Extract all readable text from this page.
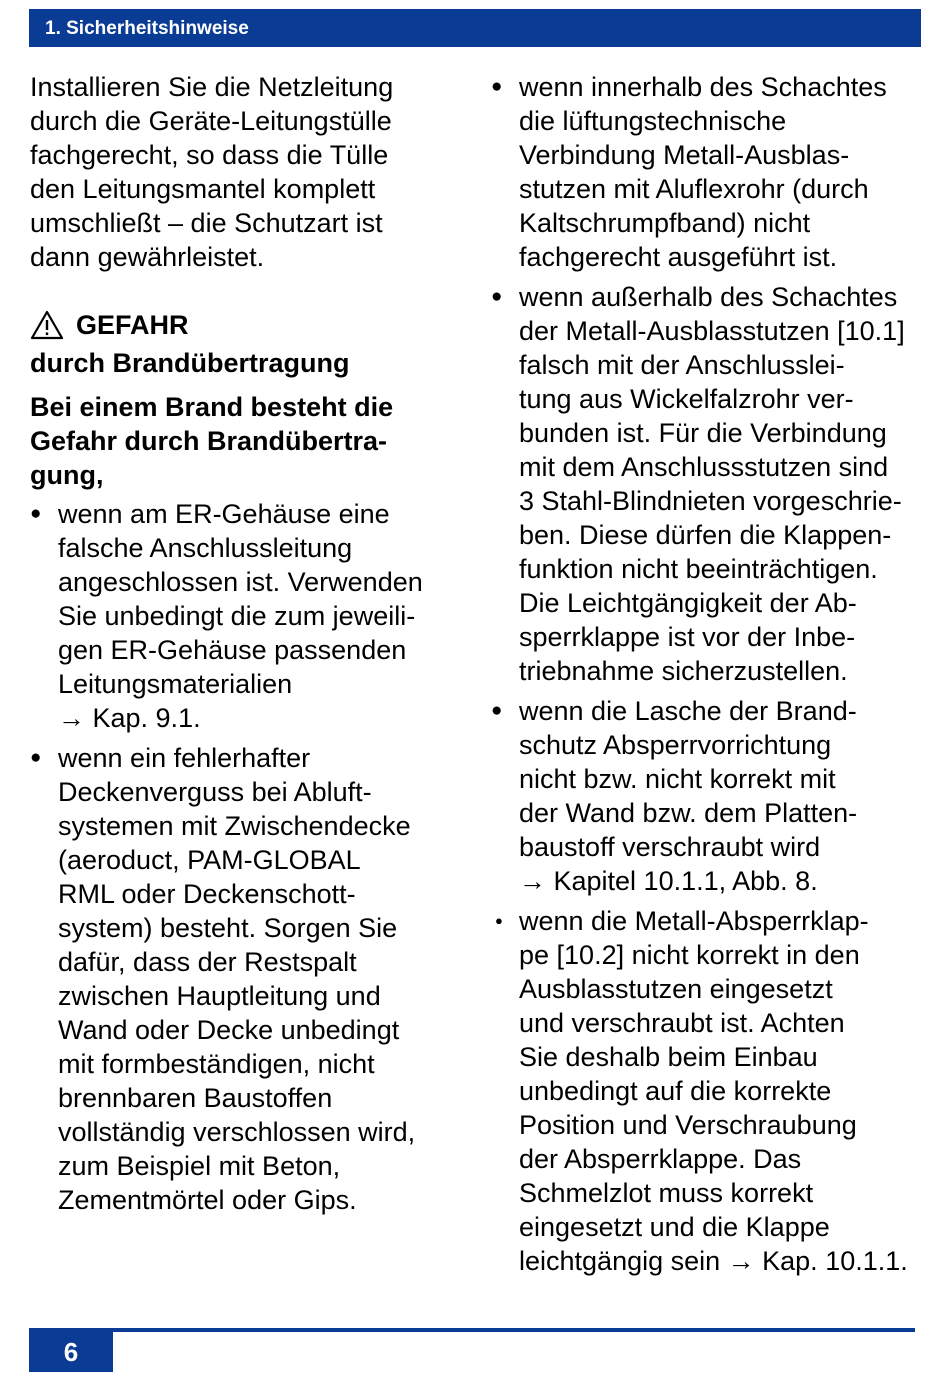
1. Sicherheitshinweise

Installieren Sie die Netzleitung
durch die Geräte-Leitungstülle
fachgerecht, so dass die Tülle
den Leitungsmantel komplett
umschließt – die Schutzart ist
dann gewährleistet.

GEFAHR
durch Brandübertragung
Bei einem Brand besteht die
Gefahr durch Brandübertra-
gung,
● wenn am ER-Gehäuse eine
falsche Anschlussleitung
angeschlossen ist. Verwenden
Sie unbedingt die zum jeweili-
gen ER-Gehäuse passenden
Leitungsmaterialien
→ Kap. 9.1.
● wenn ein fehlerhafter
Deckenverguss bei Abluft-
systemen mit Zwischendecke
(aeroduct, PAM-GLOBAL
RML oder Deckenschott-
system) besteht. Sorgen Sie
dafür, dass der Restspalt
zwischen Hauptleitung und
Wand oder Decke unbedingt
mit formbeständigen, nicht
brennbaren Baustoffen
vollständig verschlossen wird,
zum Beispiel mit Beton,
Zementmörtel oder Gips.
● wenn innerhalb des Schachtes
die lüftungstechnische
Verbindung Metall-Ausblas-
stutzen mit Aluflexrohr (durch
Kaltschrumpfband) nicht
fachgerecht ausgeführt ist.
● wenn außerhalb des Schachtes
der Metall-Ausblasstutzen [10.1]
falsch mit der Anschlusslei-
tung aus Wickelfalzrohr ver-
bunden ist. Für die Verbindung
mit dem Anschlussstutzen sind
3 Stahl-Blindnieten vorgeschrie-
ben. Diese dürfen die Klappen-
funktion nicht beeinträchtigen.
Die Leichtgängigkeit der Ab-
sperrklappe ist vor der Inbe-
triebnahme sicherzustellen.
● wenn die Lasche der Brand-
schutz Absperrvorrichtung
nicht bzw. nicht korrekt mit
der Wand bzw. dem Platten-
baustoff verschraubt wird
→ Kapitel 10.1.1, Abb. 8.
● wenn die Metall-Absperrklap-
pe [10.2] nicht korrekt in den
Ausblasstutzen eingesetzt
und verschraubt ist. Achten
Sie deshalb beim Einbau
unbedingt auf die korrekte
Position und Verschraubung
der Absperrklappe. Das
Schmelzlot muss korrekt
eingesetzt und die Klappe
leichtgängig sein → Kap. 10.1.1.
6
